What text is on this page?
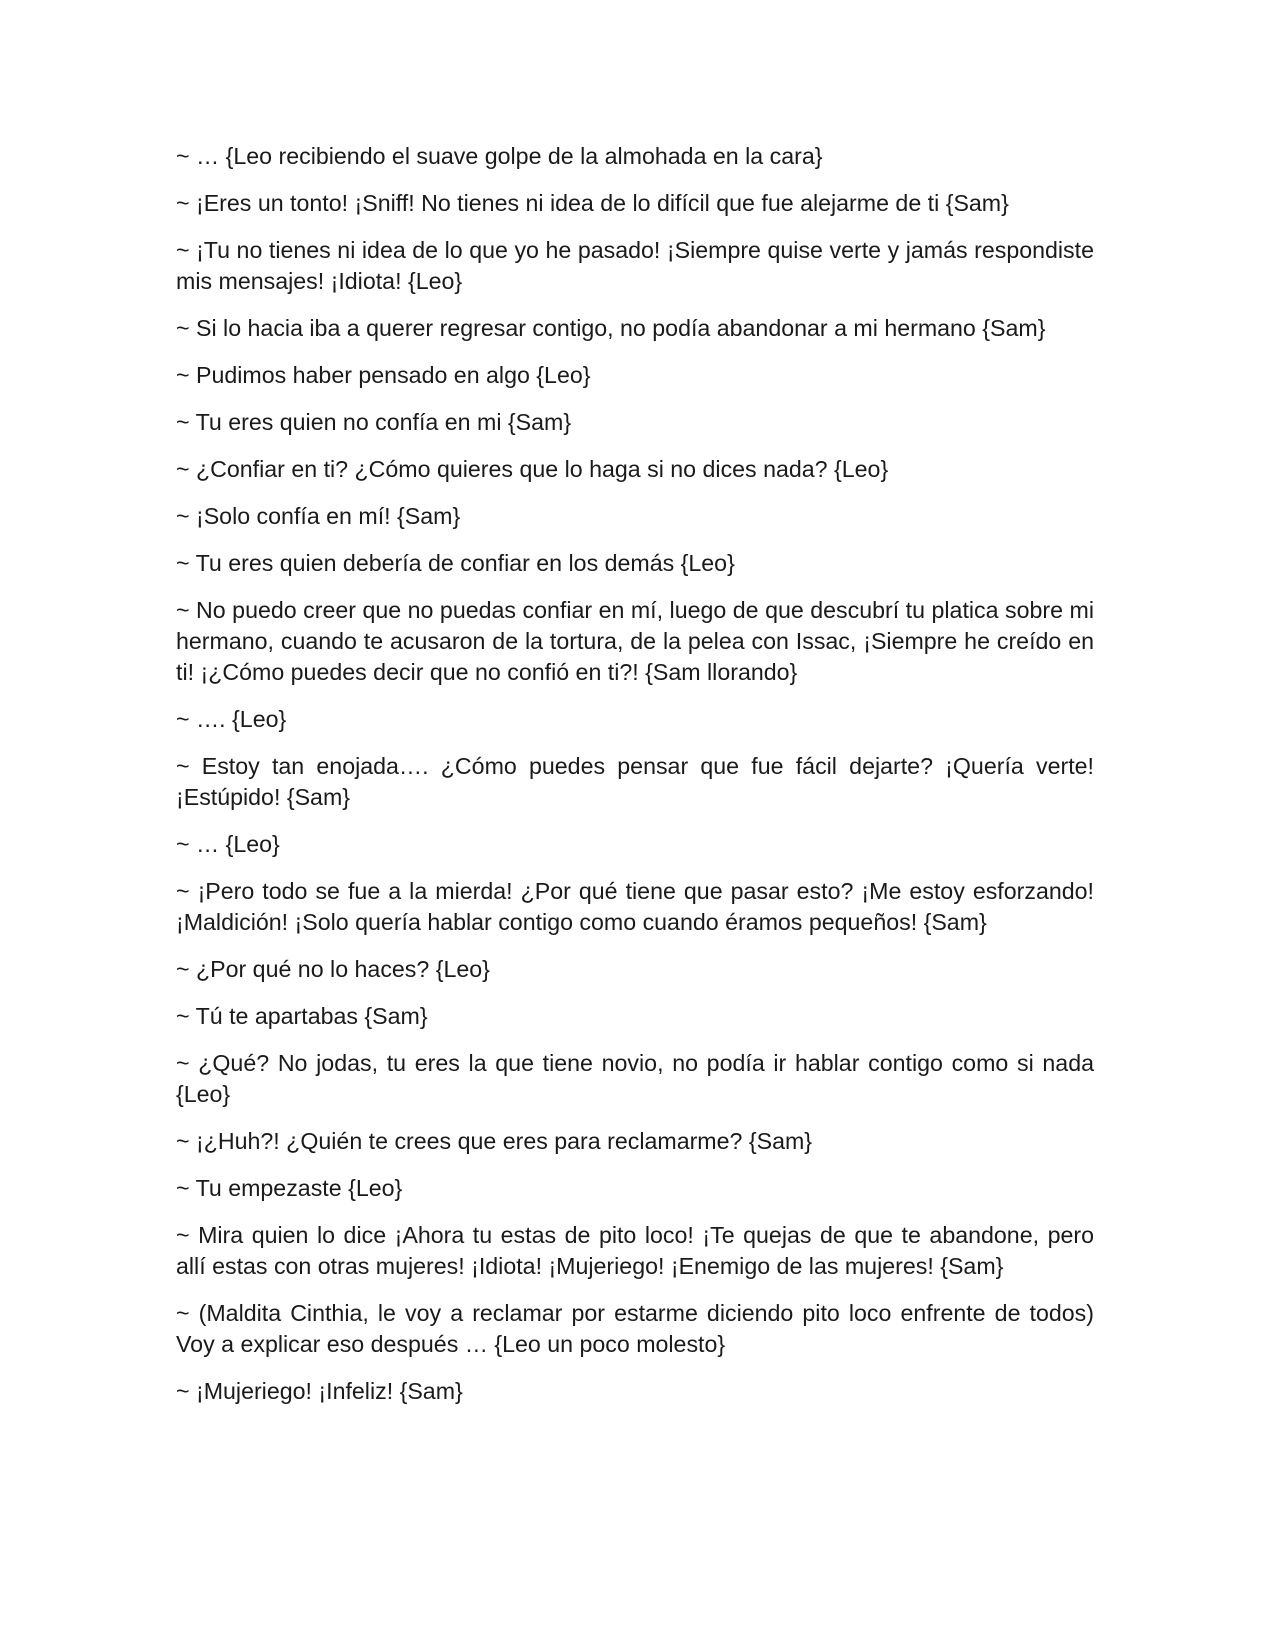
~ … {Leo recibiendo el suave golpe de la almohada en la cara}

~ ¡Eres un tonto! ¡Sniff! No tienes ni idea de lo difícil que fue alejarme de ti {Sam}

~ ¡Tu no tienes ni idea de lo que yo he pasado! ¡Siempre quise verte y jamás respondiste mis mensajes! ¡Idiota! {Leo}

~ Si lo hacia iba a querer regresar contigo, no podía abandonar a mi hermano {Sam}

~ Pudimos haber pensado en algo {Leo}

~ Tu eres quien no confía en mi {Sam}

~ ¿Confiar en ti? ¿Cómo quieres que lo haga si no dices nada? {Leo}

~ ¡Solo confía en mí! {Sam}

~ Tu eres quien debería de confiar en los demás {Leo}

~ No puedo creer que no puedas confiar en mí, luego de que descubrí tu platica sobre mi hermano, cuando te acusaron de la tortura, de la pelea con Issac, ¡Siempre he creído en ti! ¡¿Cómo puedes decir que no confió en ti?! {Sam llorando}

~ …. {Leo}

~ Estoy tan enojada…. ¿Cómo puedes pensar que fue fácil dejarte? ¡Quería verte! ¡Estúpido! {Sam}

~ … {Leo}

~ ¡Pero todo se fue a la mierda! ¿Por qué tiene que pasar esto? ¡Me estoy esforzando! ¡Maldición! ¡Solo quería hablar contigo como cuando éramos pequeños! {Sam}

~ ¿Por qué no lo haces? {Leo}

~ Tú te apartabas {Sam}

~ ¿Qué? No jodas, tu eres la que tiene novio, no podía ir hablar contigo como si nada {Leo}

~ ¡¿Huh?! ¿Quién te crees que eres para reclamarme? {Sam}

~ Tu empezaste {Leo}

~ Mira quien lo dice ¡Ahora tu estas de pito loco! ¡Te quejas de que te abandone, pero allí estas con otras mujeres! ¡Idiota! ¡Mujeriego! ¡Enemigo de las mujeres! {Sam}

~ (Maldita Cinthia, le voy a reclamar por estarme diciendo pito loco enfrente de todos) Voy a explicar eso después … {Leo un poco molesto}

~ ¡Mujeriego! ¡Infeliz! {Sam}
